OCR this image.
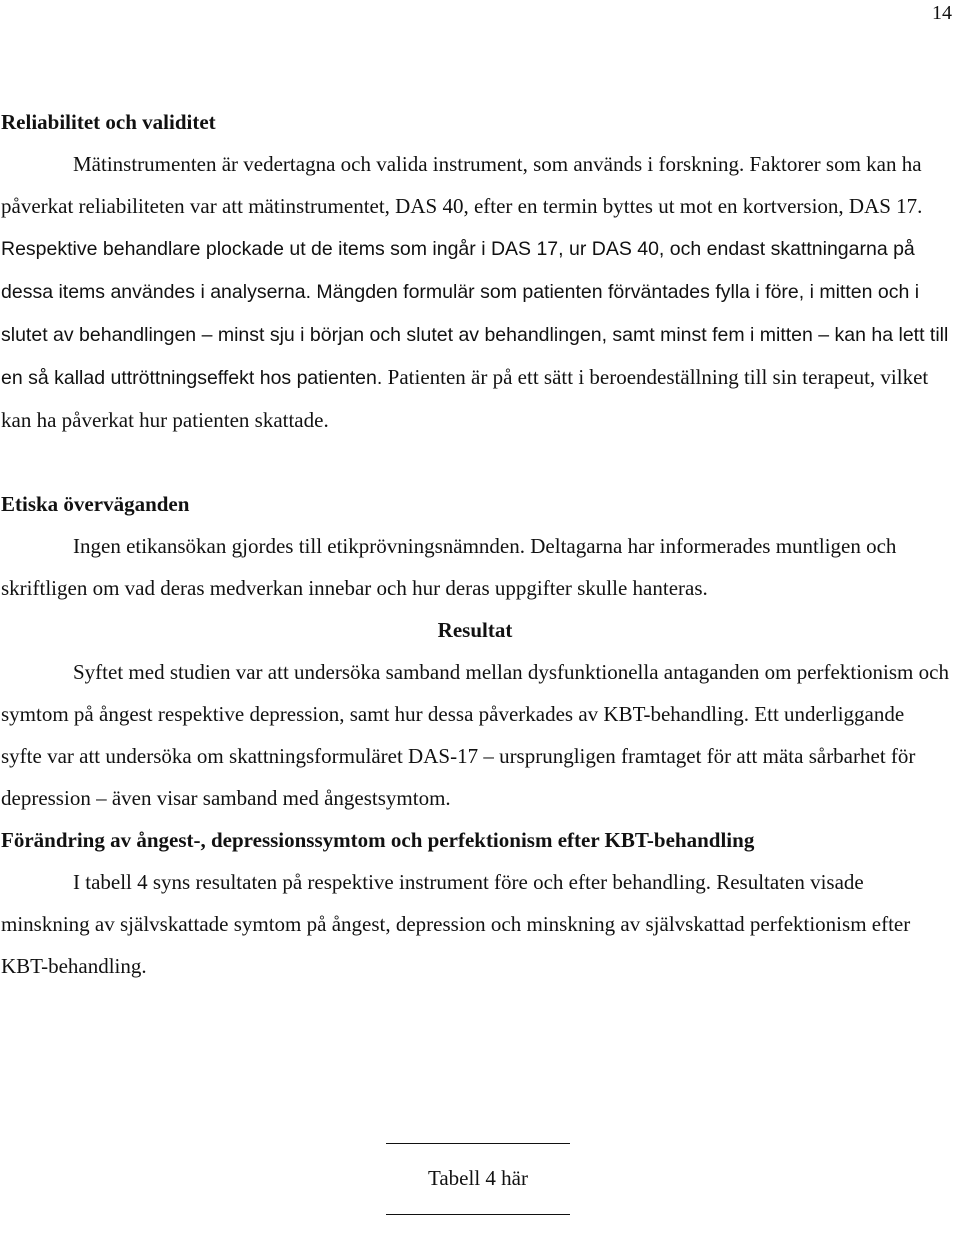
14
Reliabilitet och validitet

Mätinstrumenten är vedertagna och valida instrument, som används i forskning. Faktorer som kan ha påverkat reliabiliteten var att mätinstrumentet, DAS 40, efter en termin byttes ut mot en kortversion, DAS 17. Respektive behandlare plockade ut de items som ingår i DAS 17, ur DAS 40, och endast skattningarna på dessa items användes i analyserna. Mängden formulär som patienten förväntades fylla i före, i mitten och i slutet av behandlingen – minst sju i början och slutet av behandlingen, samt minst fem i mitten – kan ha lett till en så kallad uttröttningseffekt hos patienten. Patienten är på ett sätt i beroendeställning till sin terapeut, vilket kan ha påverkat hur patienten skattade.

Etiska överväganden

Ingen etikansökan gjordes till etikprövningsnämnden. Deltagarna har informerades muntligen och skriftligen om vad deras medverkan innebar och hur deras uppgifter skulle hanteras.

Resultat

Syftet med studien var att undersöka samband mellan dysfunktionella antaganden om perfektionism och symtom på ångest respektive depression, samt hur dessa påverkades av KBT-behandling. Ett underliggande syfte var att undersöka om skattningsformuläret DAS-17 – ursprungligen framtaget för att mäta sårbarhet för depression – även visar samband med ångestsymtom.

Förändring av ångest-, depressionssymtom och perfektionism efter KBT-behandling

I tabell 4 syns resultaten på respektive instrument före och efter behandling. Resultaten visade minskning av självskattade symtom på ångest, depression och minskning av självskattad perfektionism efter KBT-behandling.

Tabell 4 här
